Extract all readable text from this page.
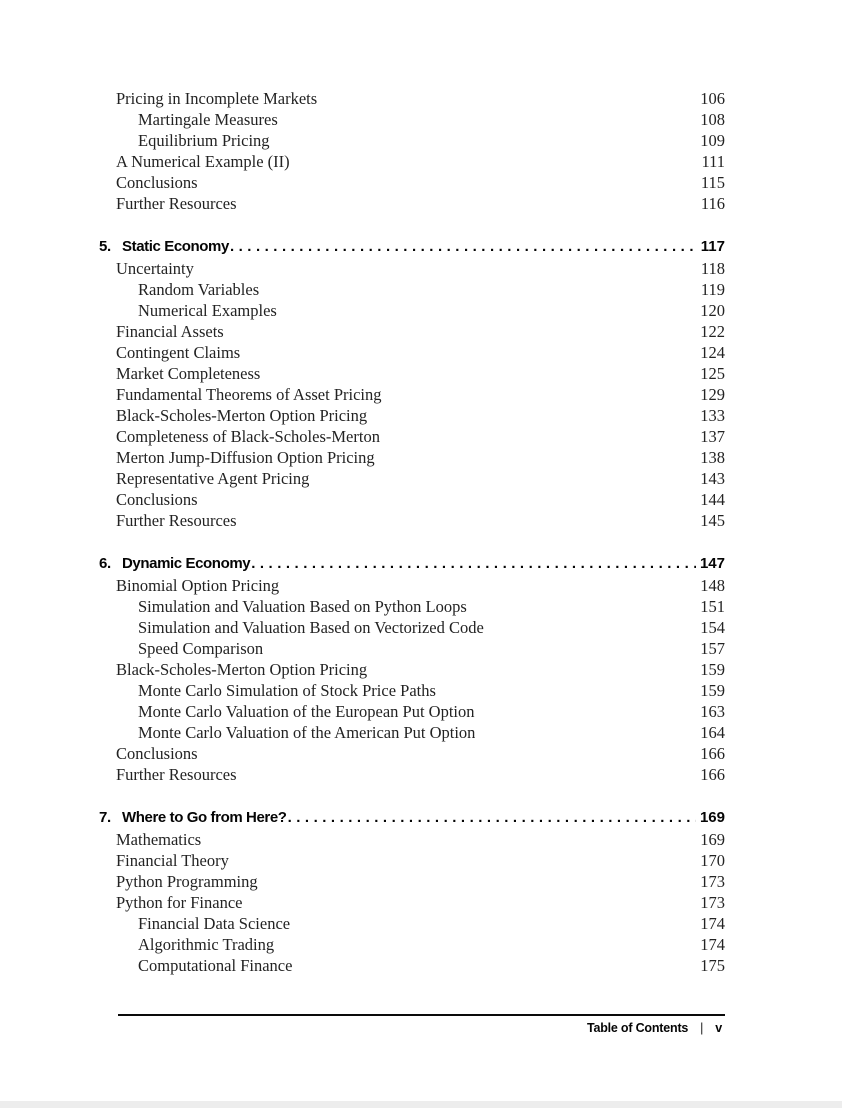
Pricing in Incomplete Markets	106
Martingale Measures	108
Equilibrium Pricing	109
A Numerical Example (II)	111
Conclusions	115
Further Resources	116
5. Static Economy .....	117
Uncertainty	118
Random Variables	119
Numerical Examples	120
Financial Assets	122
Contingent Claims	124
Market Completeness	125
Fundamental Theorems of Asset Pricing	129
Black-Scholes-Merton Option Pricing	133
Completeness of Black-Scholes-Merton	137
Merton Jump-Diffusion Option Pricing	138
Representative Agent Pricing	143
Conclusions	144
Further Resources	145
6. Dynamic Economy .....	147
Binomial Option Pricing	148
Simulation and Valuation Based on Python Loops	151
Simulation and Valuation Based on Vectorized Code	154
Speed Comparison	157
Black-Scholes-Merton Option Pricing	159
Monte Carlo Simulation of Stock Price Paths	159
Monte Carlo Valuation of the European Put Option	163
Monte Carlo Valuation of the American Put Option	164
Conclusions	166
Further Resources	166
7. Where to Go from Here? .....	169
Mathematics	169
Financial Theory	170
Python Programming	173
Python for Finance	173
Financial Data Science	174
Algorithmic Trading	174
Computational Finance	175
Table of Contents | v
